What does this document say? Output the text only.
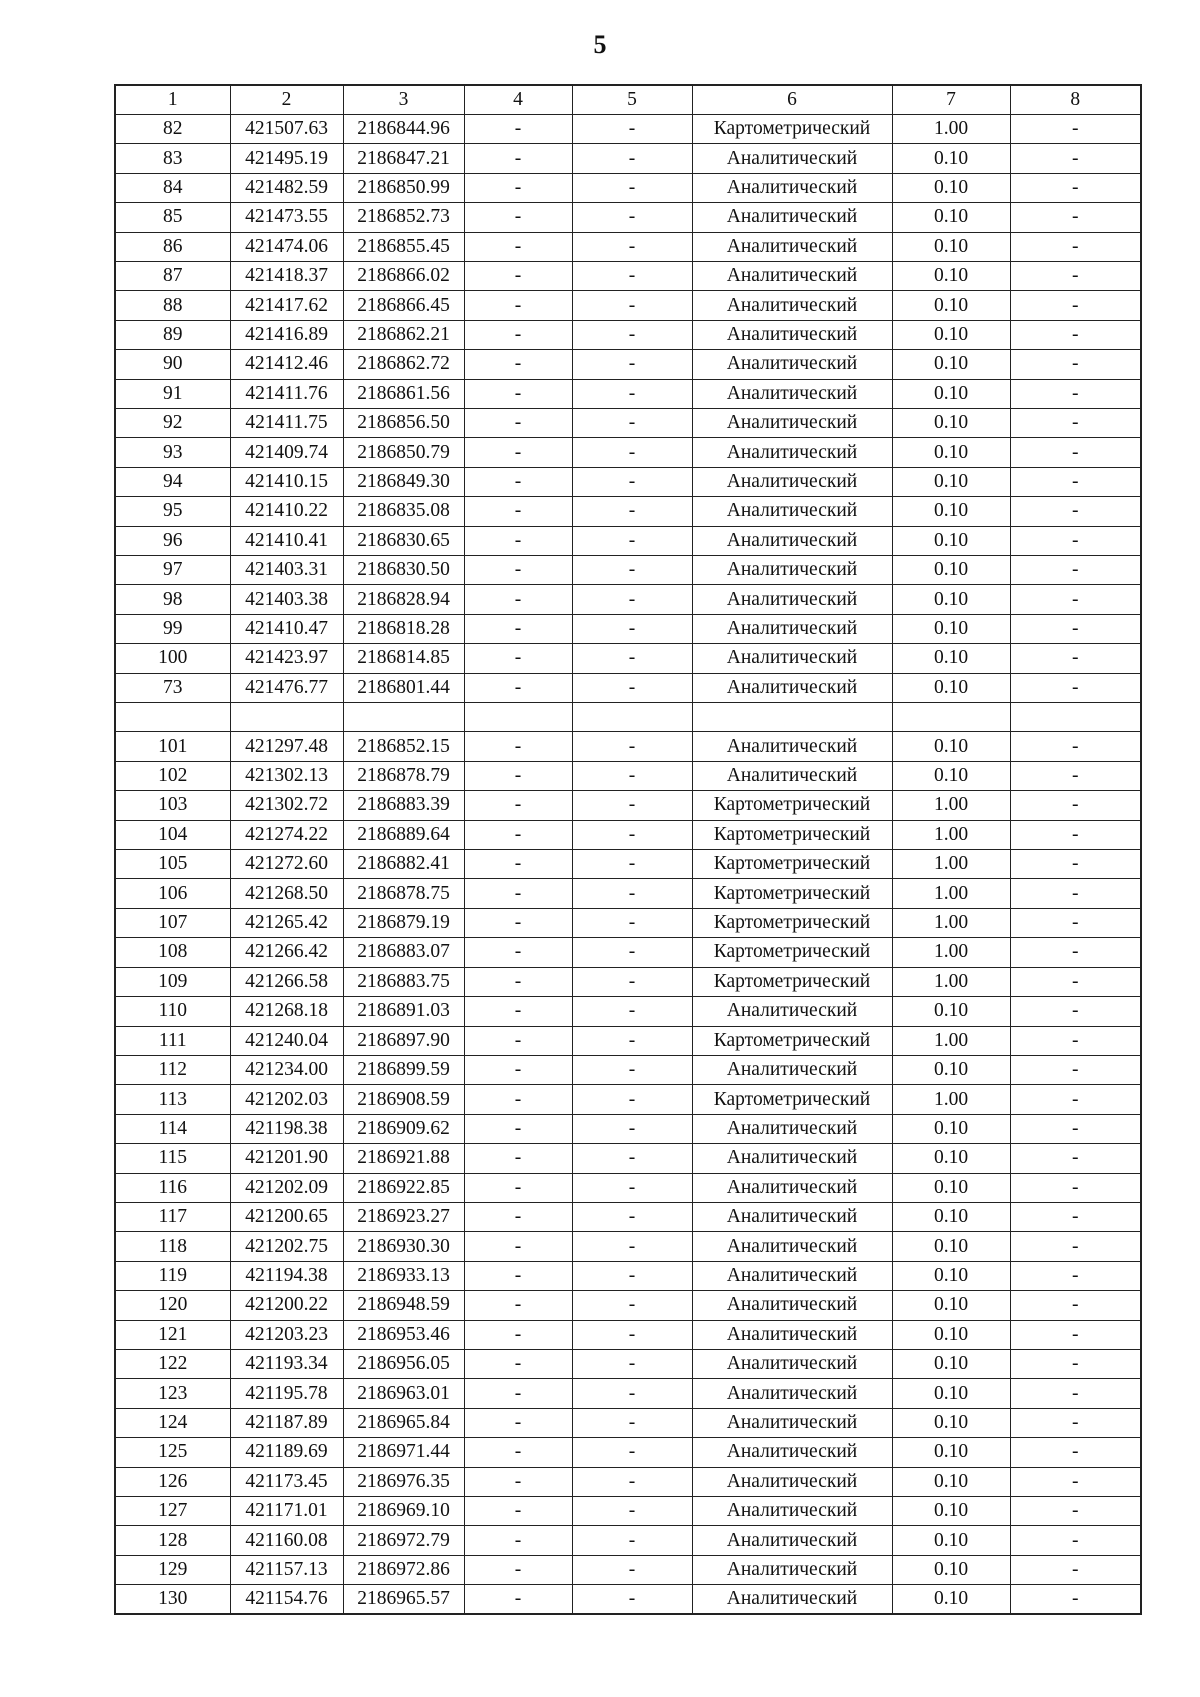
5
1	2	3	4	5	6	7	8
82	421507.63	2186844.96	-	-	Картометрический	1.00	-
83	421495.19	2186847.21	-	-	Аналитический	0.10	-
84	421482.59	2186850.99	-	-	Аналитический	0.10	-
85	421473.55	2186852.73	-	-	Аналитический	0.10	-
86	421474.06	2186855.45	-	-	Аналитический	0.10	-
87	421418.37	2186866.02	-	-	Аналитический	0.10	-
88	421417.62	2186866.45	-	-	Аналитический	0.10	-
89	421416.89	2186862.21	-	-	Аналитический	0.10	-
90	421412.46	2186862.72	-	-	Аналитический	0.10	-
91	421411.76	2186861.56	-	-	Аналитический	0.10	-
92	421411.75	2186856.50	-	-	Аналитический	0.10	-
93	421409.74	2186850.79	-	-	Аналитический	0.10	-
94	421410.15	2186849.30	-	-	Аналитический	0.10	-
95	421410.22	2186835.08	-	-	Аналитический	0.10	-
96	421410.41	2186830.65	-	-	Аналитический	0.10	-
97	421403.31	2186830.50	-	-	Аналитический	0.10	-
98	421403.38	2186828.94	-	-	Аналитический	0.10	-
99	421410.47	2186818.28	-	-	Аналитический	0.10	-
100	421423.97	2186814.85	-	-	Аналитический	0.10	-
73	421476.77	2186801.44	-	-	Аналитический	0.10	-

101	421297.48	2186852.15	-	-	Аналитический	0.10	-
102	421302.13	2186878.79	-	-	Аналитический	0.10	-
103	421302.72	2186883.39	-	-	Картометрический	1.00	-
104	421274.22	2186889.64	-	-	Картометрический	1.00	-
105	421272.60	2186882.41	-	-	Картометрический	1.00	-
106	421268.50	2186878.75	-	-	Картометрический	1.00	-
107	421265.42	2186879.19	-	-	Картометрический	1.00	-
108	421266.42	2186883.07	-	-	Картометрический	1.00	-
109	421266.58	2186883.75	-	-	Картометрический	1.00	-
110	421268.18	2186891.03	-	-	Аналитический	0.10	-
111	421240.04	2186897.90	-	-	Картометрический	1.00	-
112	421234.00	2186899.59	-	-	Аналитический	0.10	-
113	421202.03	2186908.59	-	-	Картометрический	1.00	-
114	421198.38	2186909.62	-	-	Аналитический	0.10	-
115	421201.90	2186921.88	-	-	Аналитический	0.10	-
116	421202.09	2186922.85	-	-	Аналитический	0.10	-
117	421200.65	2186923.27	-	-	Аналитический	0.10	-
118	421202.75	2186930.30	-	-	Аналитический	0.10	-
119	421194.38	2186933.13	-	-	Аналитический	0.10	-
120	421200.22	2186948.59	-	-	Аналитический	0.10	-
121	421203.23	2186953.46	-	-	Аналитический	0.10	-
122	421193.34	2186956.05	-	-	Аналитический	0.10	-
123	421195.78	2186963.01	-	-	Аналитический	0.10	-
124	421187.89	2186965.84	-	-	Аналитический	0.10	-
125	421189.69	2186971.44	-	-	Аналитический	0.10	-
126	421173.45	2186976.35	-	-	Аналитический	0.10	-
127	421171.01	2186969.10	-	-	Аналитический	0.10	-
128	421160.08	2186972.79	-	-	Аналитический	0.10	-
129	421157.13	2186972.86	-	-	Аналитический	0.10	-
130	421154.76	2186965.57	-	-	Аналитический	0.10	-
